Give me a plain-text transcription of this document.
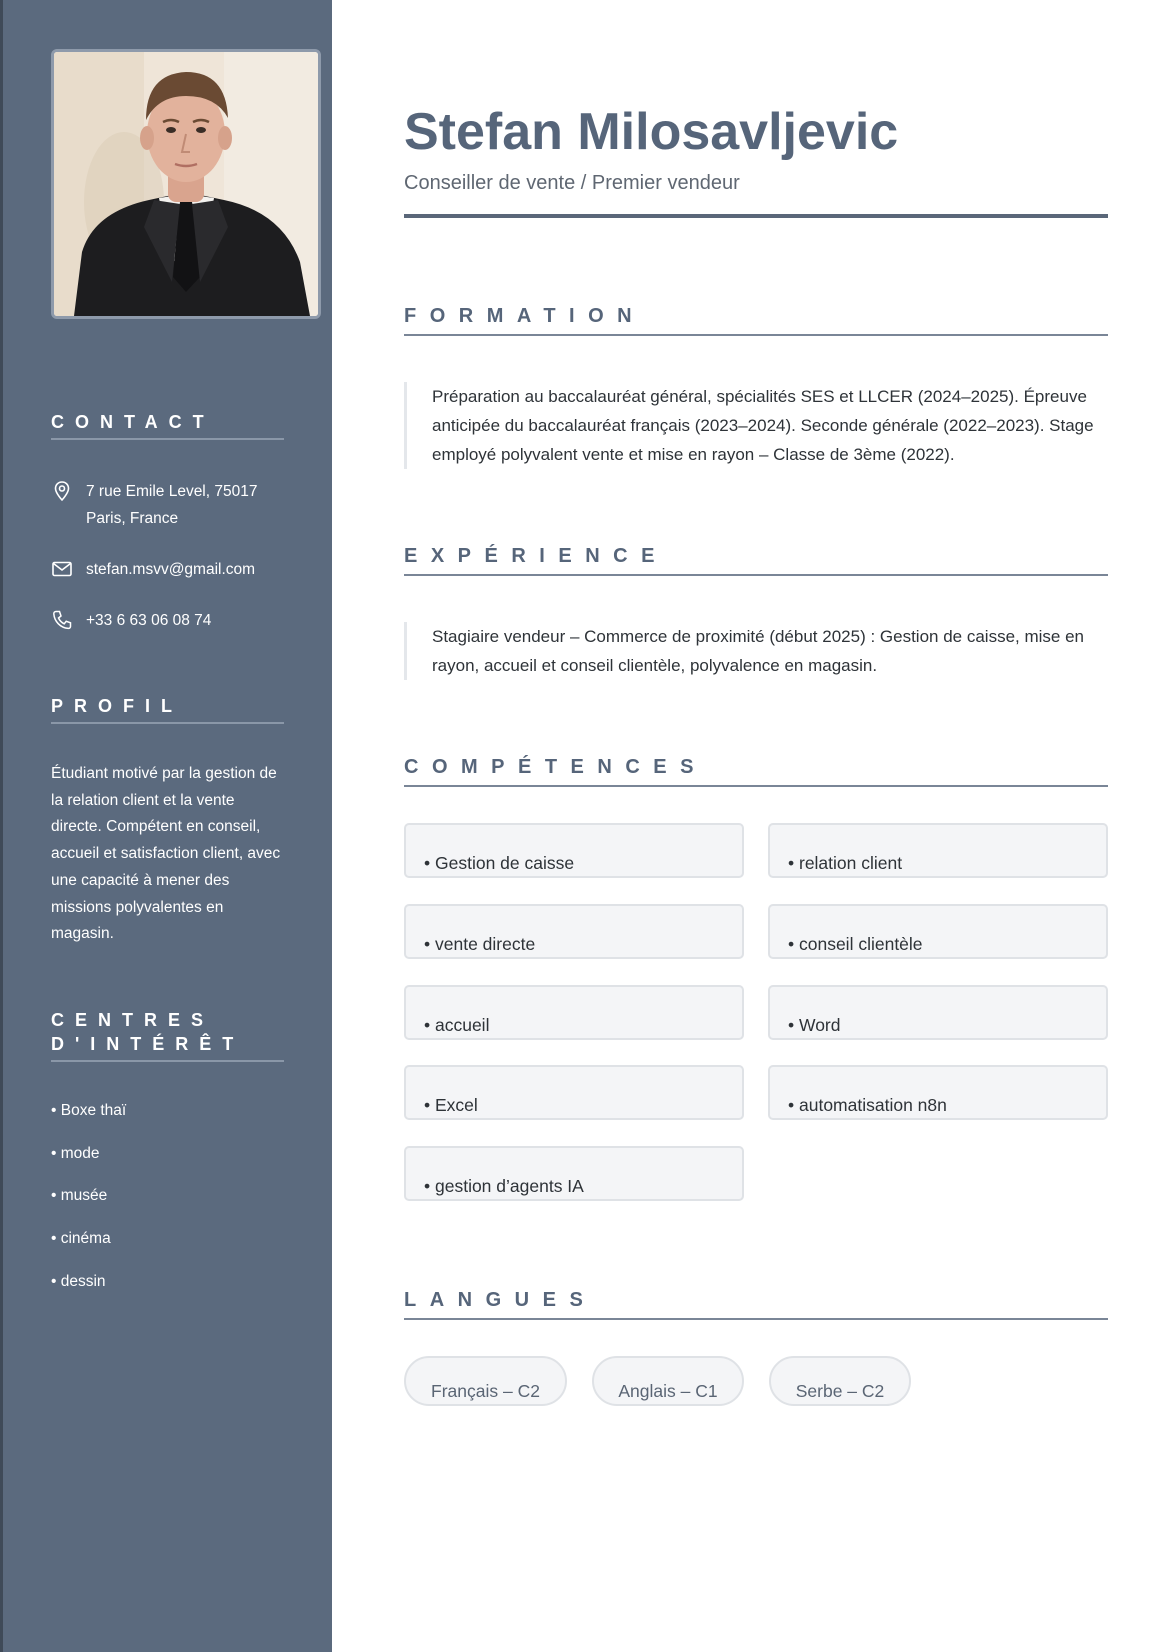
CONTACT
7 rue Emile Level, 75017
Paris, France
stefan.msvv@gmail.com
+33 6 63 06 08 74
PROFIL
Étudiant motivé par la gestion de la relation client et la vente directe. Compétent en conseil, accueil et satisfaction client, avec une capacité à mener des missions polyvalentes en magasin.
CENTRES
D'INTÉRÊT
• Boxe thaï
• mode
• musée
• cinéma
• dessin
Stefan Milosavljevic
Conseiller de vente / Premier vendeur
FORMATION
Préparation au baccalauréat général, spécialités SES et LLCER (2024–2025). Épreuve anticipée du baccalauréat français (2023–2024). Seconde générale (2022–2023). Stage employé polyvalent vente et mise en rayon – Classe de 3ème (2022).
EXPÉRIENCE
Stagiaire vendeur – Commerce de proximité (début 2025) : Gestion de caisse, mise en rayon, accueil et conseil clientèle, polyvalence en magasin.
COMPÉTENCES
• Gestion de caisse	• relation client
• vente directe	• conseil clientèle
• accueil	• Word
• Excel	• automatisation n8n
• gestion d’agents IA
LANGUES
Français – C2	Anglais – C1	Serbe – C2
